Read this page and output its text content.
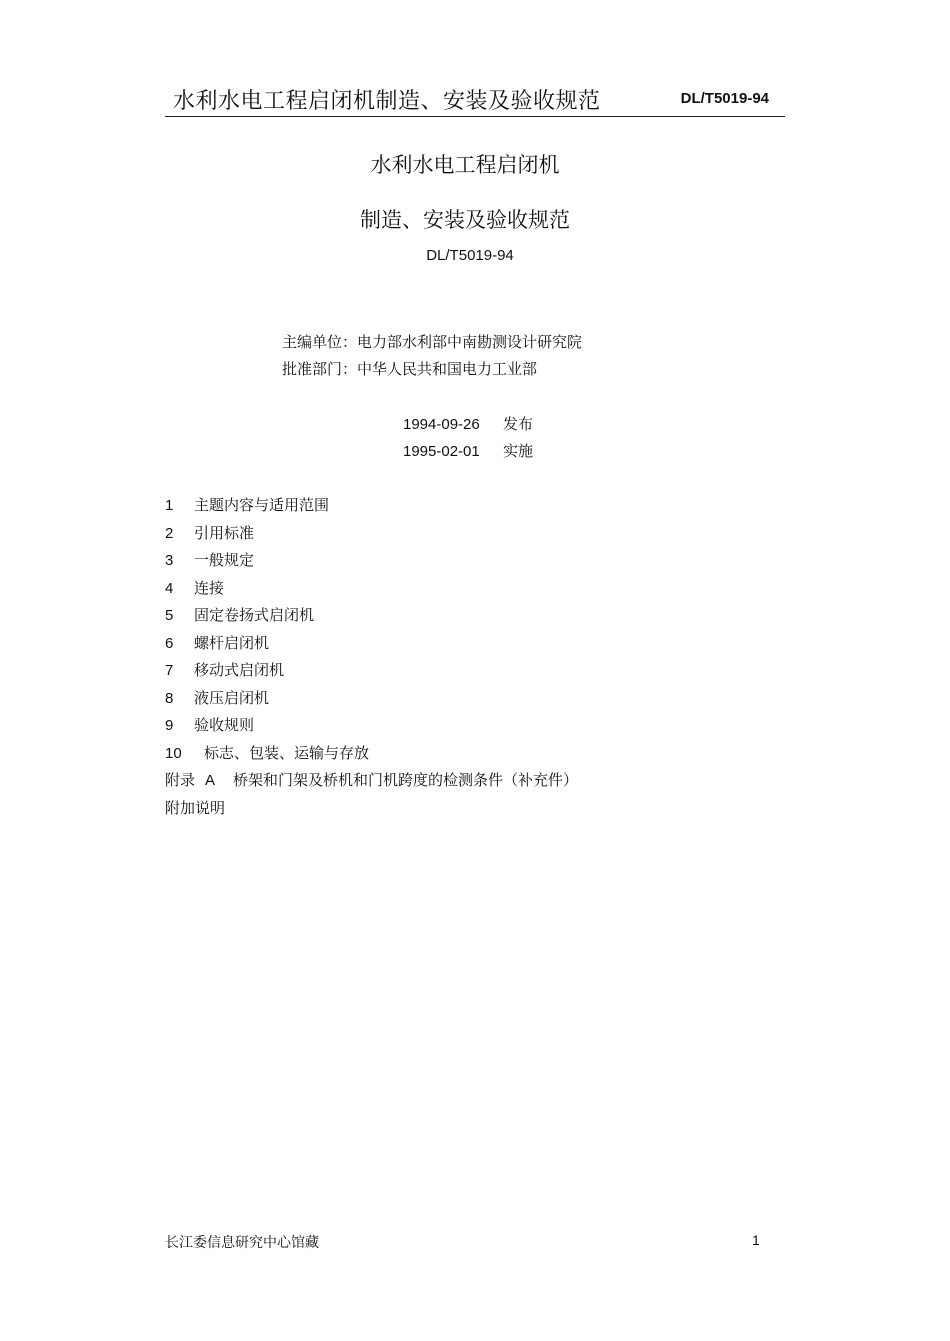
水利水电工程启闭机制造、安装及验收规范	DL/T5019-94
水利水电工程启闭机
制造、安装及验收规范
DL/T5019-94
主编单位：电力部水利部中南勘测设计研究院
批准部门：中华人民共和国电力工业部
1994-09-26 发布
1995-02-01 实施
1 主题内容与适用范围
2 引用标准
3 一般规定
4 连接
5 固定卷扬式启闭机
6 螺杆启闭机
7 移动式启闭机
8 液压启闭机
9 验收规则
10 标志、包装、运输与存放
附录 A 桥架和门架及桥机和门机跨度的检测条件（补充件）
附加说明
长江委信息研究中心馆藏	1
